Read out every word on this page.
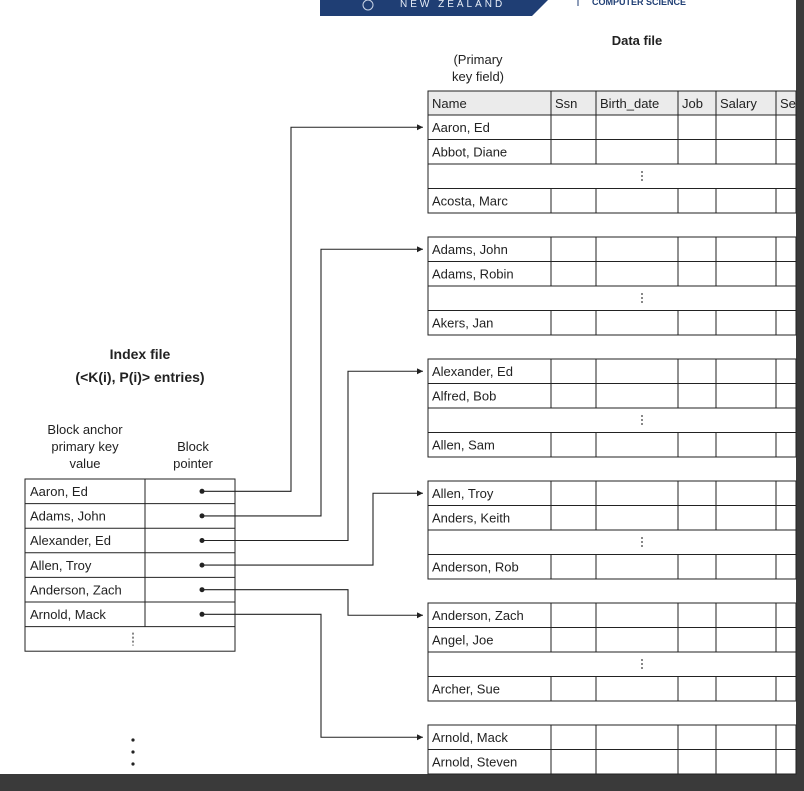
NEW ZEALAND	COMPUTER SCIENCE
Data file
(Primary
key field)
Name	Ssn Birth_date Job Salary Se
Aaron, Ed
Abbot, Diane
Acosta, Marc
Adams, John
Adams, Robin
Akers, Jan
Alexander, Ed
Alfred, Bob
Allen, Sam
Allen, Troy
Anders, Keith
Anderson, Rob
Anderson, Zach
Angel, Joe
Archer, Sue
Arnold, Mack
Arnold, Steven
Aaron, Ed
Adams, John
Alexander, Ed
Allen, Troy
Anderson, Zach
Arnold, Mack
Index file
(<K(i), P(i)> entries)
Block anchor
primary key
value
Block
pointer
